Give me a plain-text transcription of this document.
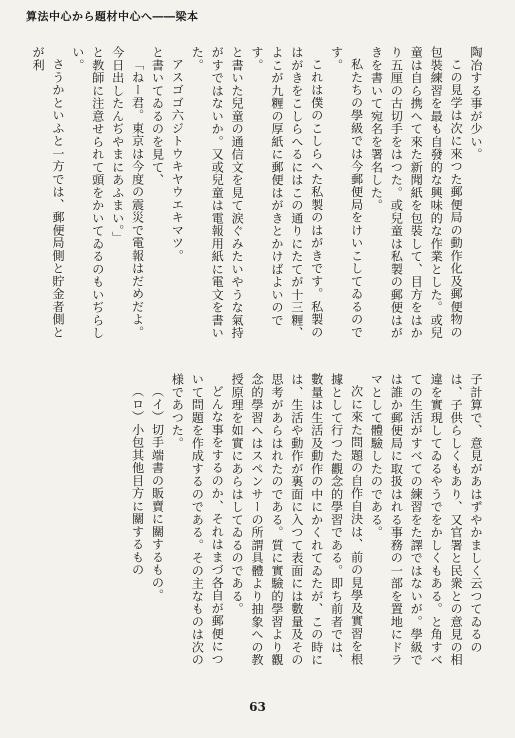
算法中心から題材中心へ――梁本

陶冶する事が少い。

この見学は次に來つた郵便局の動作化及郵便物の包裝練習を最も自發的な興味的な作業とした。或兒童は自ら携へて來た新聞紙を包裝して、目方をはかり五厘の古切手をはつた。或兒童は私製の郵便はがきを書いて宛名を署名した。

私たちの學級では今郵便局をけいこしてゐるのです。

これは僕のこしらへた私製のはがきです。私製のはがきをこしらへるにはこの通りにたてが十三糎、よこが九糎の厚紙に郵便はがきとかけばよいのです。

と書いた兒童の通信文を見て涙ぐみたいやうな氣持がすではないか。又或兒童は電報用紙に電文を書いた。

アスゴゴ六ジトウキヤウエキマツ。

と書いてゐるのを見て、

「ねー君。東京は今度の震災で電報はだめだよ。今日出したんぢやまにあふまい。」

と教師に注意せられて頭をかいてゐるのもいぢらしい。

さうかといふと一方では、郵便局側と貯金者側とが利

子計算で、意見があはずやかましく云つてゐるのは、子供らしくもあり、又官署と民衆との意見の相違を實現してゐるやうでをかしくもある。と角すべての生活がすべての練習をた譯ではないが。學級では誰か郵便局に取扱はれる事務の一部を置地にドラマとして體驗したのである。

次に來た問題の自作自決は、前の見學及實習を根據として行つた觀念的學習である。即ち前者では、數量は生活及動作の中にかくれてゐたが、この時には、生活や動作が裏面に入つて表面には數量及その思考があらはれたのである。質に實驗的學習より觀念的學習へはスペンサーの所謂具體より抽象への教授原理を如實にあらはしてゐるのである。

どんな事をするのか、それはまづ各自が郵便について問題を作成するのである。その主なものは次の様であつた。

（イ）切手端書の販賣に關するもの。

（ロ）小包其他目方に關するもの

63
